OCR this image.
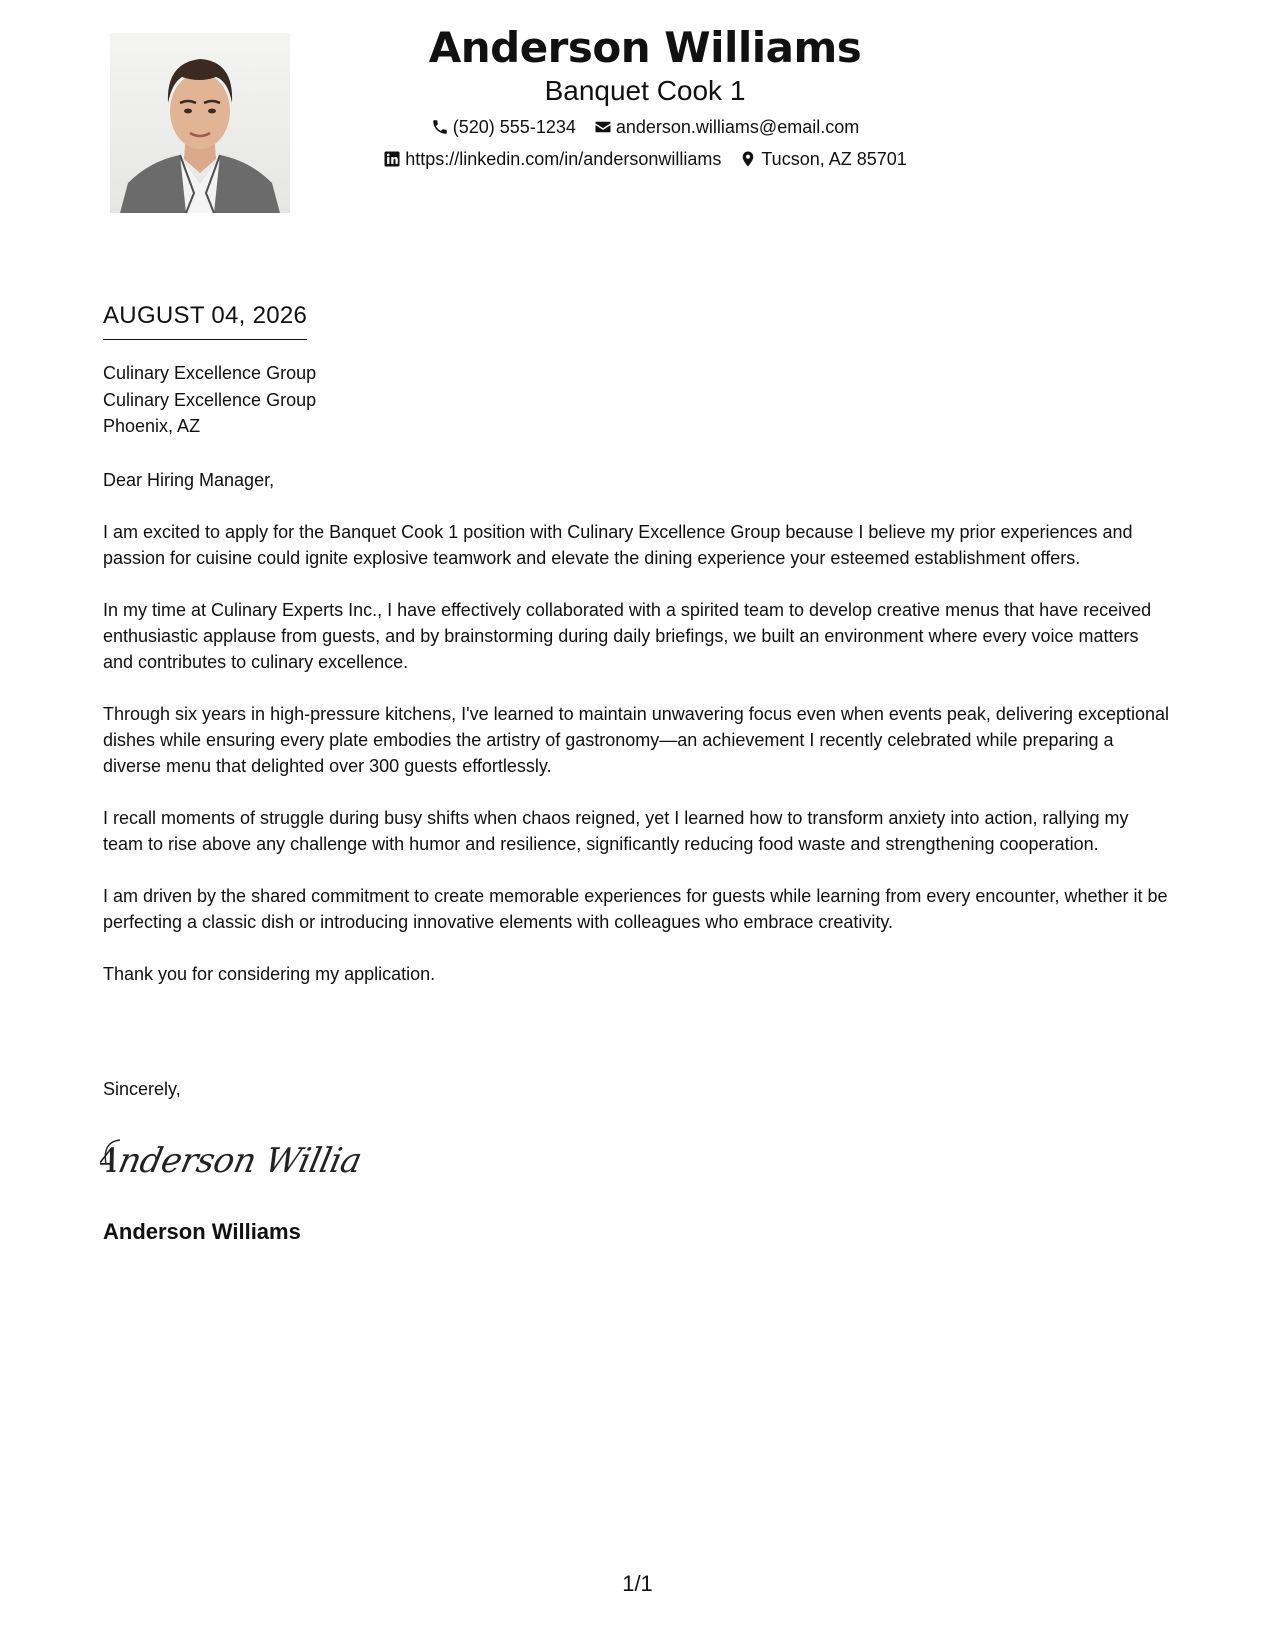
Anderson Williams
Banquet Cook 1
(520) 555-1234 anderson.williams@email.com
https://linkedin.com/in/andersonwilliams Tucson, AZ 85701
AUGUST 04, 2026
Culinary Excellence Group
Culinary Excellence Group
Phoenix, AZ
Dear Hiring Manager,
I am excited to apply for the Banquet Cook 1 position with Culinary Excellence Group because I believe my prior experiences and passion for cuisine could ignite explosive teamwork and elevate the dining experience your esteemed establishment offers.
In my time at Culinary Experts Inc., I have effectively collaborated with a spirited team to develop creative menus that have received enthusiastic applause from guests, and by brainstorming during daily briefings, we built an environment where every voice matters and contributes to culinary excellence.
Through six years in high-pressure kitchens, I've learned to maintain unwavering focus even when events peak, delivering exceptional dishes while ensuring every plate embodies the artistry of gastronomy—an achievement I recently celebrated while preparing a diverse menu that delighted over 300 guests effortlessly.
I recall moments of struggle during busy shifts when chaos reigned, yet I learned how to transform anxiety into action, rallying my team to rise above any challenge with humor and resilience, significantly reducing food waste and strengthening cooperation.
I am driven by the shared commitment to create memorable experiences for guests while learning from every encounter, whether it be perfecting a classic dish or introducing innovative elements with colleagues who embrace creativity.
Thank you for considering my application.
Sincerely,
Anderson Willia
Anderson Williams
1/1
